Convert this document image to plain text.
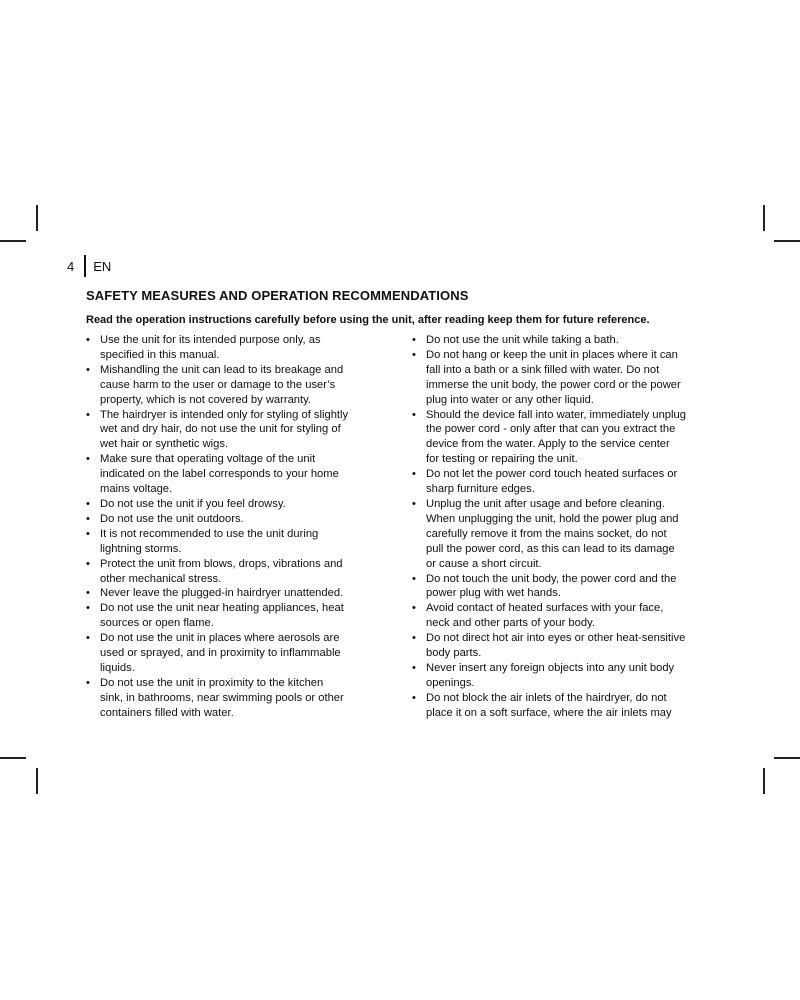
4 EN
SAFETY MEASURES AND OPERATION RECOMMENDATIONS

Read the operation instructions carefully before using the unit, after reading keep them for future reference.

• Use the unit for its intended purpose only, as
specified in this manual.
• Mishandling the unit can lead to its breakage and
cause harm to the user or damage to the user’s
property, which is not covered by warranty.
• The hairdryer is intended only for styling of slightly
wet and dry hair, do not use the unit for styling of
wet hair or synthetic wigs.
• Make sure that operating voltage of the unit
indicated on the label corresponds to your home
mains voltage.
• Do not use the unit if you feel drowsy.
• Do not use the unit outdoors.
• It is not recommended to use the unit during
lightning storms.
• Protect the unit from blows, drops, vibrations and
other mechanical stress.
• Never leave the plugged-in hairdryer unattended.
• Do not use the unit near heating appliances, heat
sources or open flame.
• Do not use the unit in places where aerosols are
used or sprayed, and in proximity to inflammable
liquids.
• Do not use the unit in proximity to the kitchen
sink, in bathrooms, near swimming pools or other
containers filled with water.
• Do not use the unit while taking a bath.
• Do not hang or keep the unit in places where it can
fall into a bath or a sink filled with water. Do not
immerse the unit body, the power cord or the power
plug into water or any other liquid.
• Should the device fall into water, immediately unplug
the power cord - only after that can you extract the
device from the water. Apply to the service center
for testing or repairing the unit.
• Do not let the power cord touch heated surfaces or
sharp furniture edges.
• Unplug the unit after usage and before cleaning.
When unplugging the unit, hold the power plug and
carefully remove it from the mains socket, do not
pull the power cord, as this can lead to its damage
or cause a short circuit.
• Do not touch the unit body, the power cord and the
power plug with wet hands.
• Avoid contact of heated surfaces with your face,
neck and other parts of your body.
• Do not direct hot air into eyes or other heat-sensitive
body parts.
• Never insert any foreign objects into any unit body
openings.
• Do not block the air inlets of the hairdryer, do not
place it on a soft surface, where the air inlets may
